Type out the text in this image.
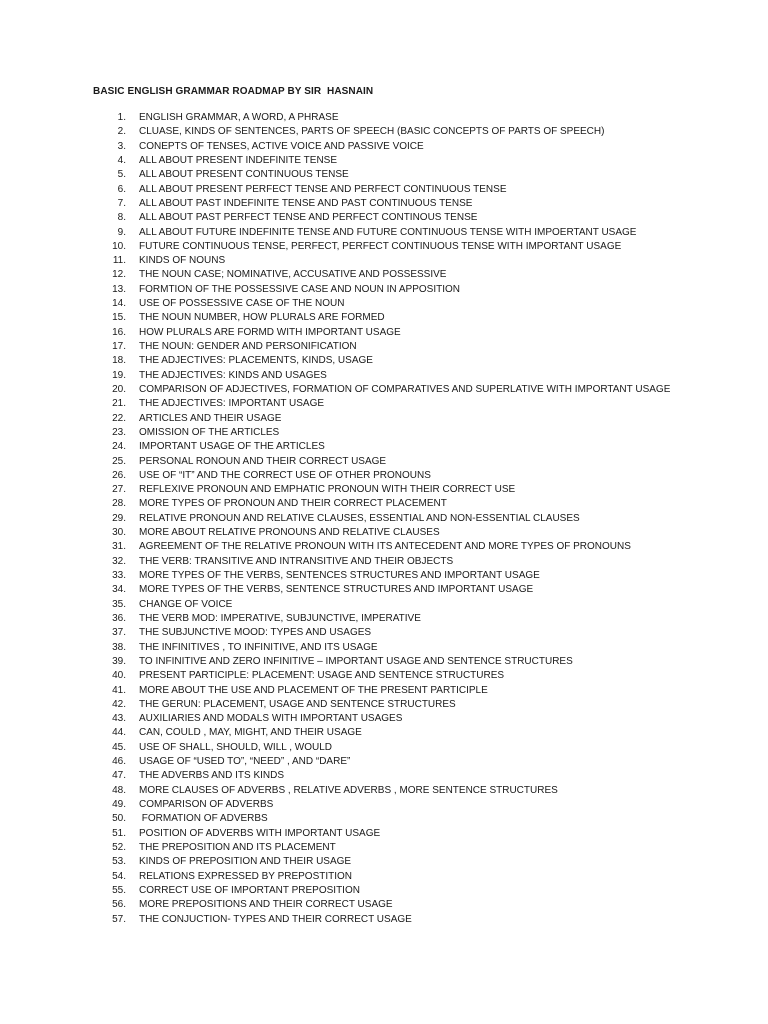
BASIC ENGLISH GRAMMAR ROADMAP BY SIR  HASNAIN
1. ENGLISH GRAMMAR, A WORD, A PHRASE
2. CLUASE, KINDS OF SENTENCES, PARTS OF SPEECH (BASIC CONCEPTS OF PARTS OF SPEECH)
3. CONEPTS OF TENSES, ACTIVE VOICE AND PASSIVE VOICE
4. ALL ABOUT PRESENT INDEFINITE TENSE
5. ALL ABOUT PRESENT CONTINUOUS TENSE
6. ALL ABOUT PRESENT PERFECT TENSE AND PERFECT CONTINUOUS TENSE
7. ALL ABOUT PAST INDEFINITE TENSE AND PAST CONTINUOUS TENSE
8. ALL ABOUT PAST PERFECT TENSE AND PERFECT CONTINOUS TENSE
9. ALL ABOUT FUTURE INDEFINITE TENSE AND FUTURE CONTINUOUS TENSE WITH IMPOERTANT USAGE
10. FUTURE CONTINUOUS TENSE, PERFECT, PERFECT CONTINUOUS TENSE WITH IMPORTANT USAGE
11. KINDS OF NOUNS
12. THE NOUN CASE; NOMINATIVE, ACCUSATIVE AND POSSESSIVE
13. FORMTION OF THE POSSESSIVE CASE AND NOUN IN APPOSITION
14. USE OF POSSESSIVE CASE OF THE NOUN
15. THE NOUN NUMBER, HOW PLURALS ARE FORMED
16. HOW PLURALS ARE FORMD WITH IMPORTANT USAGE
17. THE NOUN: GENDER AND PERSONIFICATION
18. THE ADJECTIVES: PLACEMENTS, KINDS, USAGE
19. THE ADJECTIVES: KINDS AND USAGES
20. COMPARISON OF ADJECTIVES, FORMATION OF COMPARATIVES AND SUPERLATIVE WITH IMPORTANT USAGE
21. THE ADJECTIVES: IMPORTANT USAGE
22. ARTICLES AND THEIR USAGE
23. OMISSION OF THE ARTICLES
24. IMPORTANT USAGE OF THE ARTICLES
25. PERSONAL RONOUN AND THEIR CORRECT USAGE
26. USE OF “IT” AND THE CORRECT USE OF OTHER PRONOUNS
27. REFLEXIVE PRONOUN AND EMPHATIC PRONOUN WITH THEIR CORRECT USE
28. MORE TYPES OF PRONOUN AND THEIR CORRECT PLACEMENT
29. RELATIVE PRONOUN AND RELATIVE CLAUSES, ESSENTIAL AND NON-ESSENTIAL CLAUSES
30. MORE ABOUT RELATIVE PRONOUNS AND RELATIVE CLAUSES
31. AGREEMENT OF THE RELATIVE PRONOUN WITH ITS ANTECEDENT AND MORE TYPES OF PRONOUNS
32. THE VERB: TRANSITIVE AND INTRANSITIVE AND THEIR OBJECTS
33. MORE TYPES OF THE VERBS, SENTENCES STRUCTURES AND IMPORTANT USAGE
34. MORE TYPES OF THE VERBS, SENTENCE STRUCTURES AND IMPORTANT USAGE
35. CHANGE OF VOICE
36. THE VERB MOD: IMPERATIVE, SUBJUNCTIVE, IMPERATIVE
37. THE SUBJUNCTIVE MOOD: TYPES AND USAGES
38. THE INFINITIVES , TO INFINITIVE, AND ITS USAGE
39. TO INFINITIVE AND ZERO INFINITIVE – IMPORTANT USAGE AND SENTENCE STRUCTURES
40. PRESENT PARTICIPLE: PLACEMENT: USAGE AND SENTENCE STRUCTURES
41. MORE ABOUT THE USE AND PLACEMENT OF THE PRESENT PARTICIPLE
42. THE GERUN: PLACEMENT, USAGE AND SENTENCE STRUCTURES
43. AUXILIARIES AND MODALS WITH IMPORTANT USAGES
44. CAN, COULD , MAY, MIGHT, AND THEIR USAGE
45. USE OF SHALL, SHOULD, WILL , WOULD
46. USAGE OF “USED TO”, “NEED” , AND “DARE”
47. THE ADVERBS AND ITS KINDS
48. MORE CLAUSES OF ADVERBS , RELATIVE ADVERBS , MORE SENTENCE STRUCTURES
49. COMPARISON OF ADVERBS
50. FORMATION OF ADVERBS
51. POSITION OF ADVERBS WITH IMPORTANT USAGE
52. THE PREPOSITION AND ITS PLACEMENT
53. KINDS OF PREPOSITION AND THEIR USAGE
54. RELATIONS EXPRESSED BY PREPOSTITION
55. CORRECT USE OF IMPORTANT PREPOSITION
56. MORE PREPOSITIONS AND THEIR CORRECT USAGE
57. THE CONJUCTION- TYPES AND THEIR CORRECT USAGE
